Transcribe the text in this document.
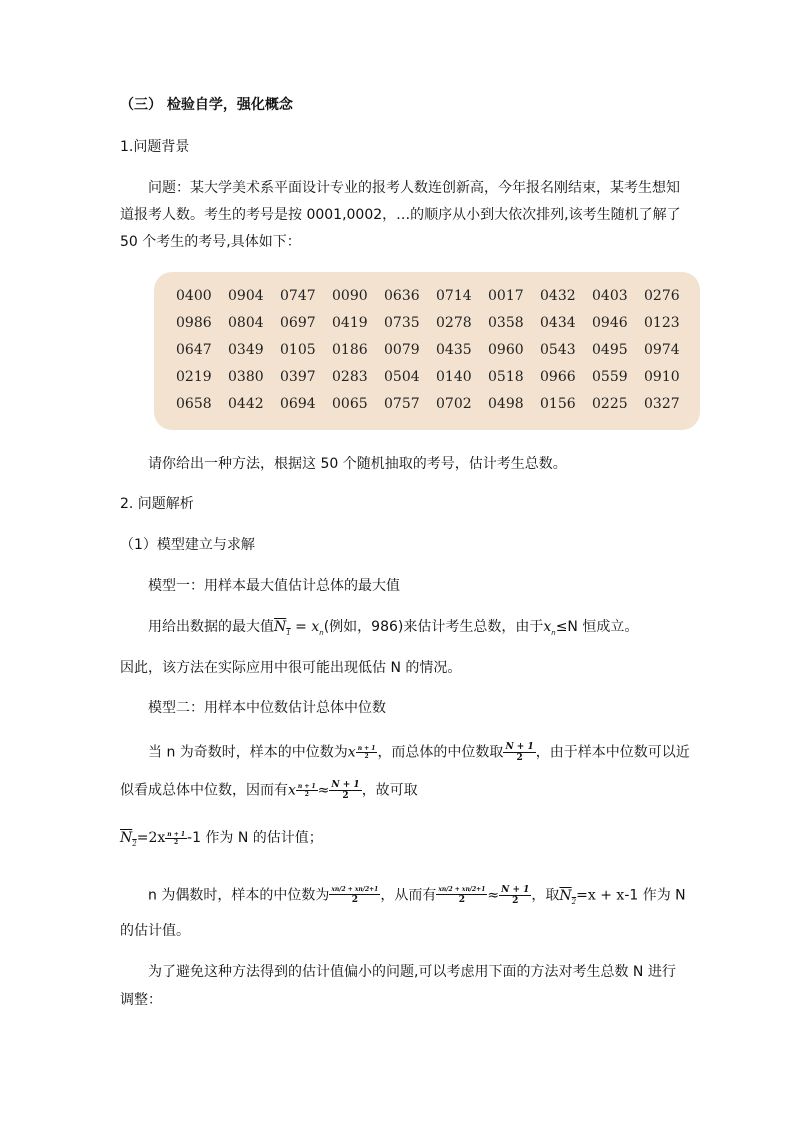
（三） 检验自学，强化概念
1.问题背景
问题：某大学美术系平面设计专业的报考人数连创新高，今年报名刚结束，某考生想知
道报考人数。考生的考号是按 0001,0002，…的顺序从小到大依次排列,该考生随机了解了
50 个考生的考号,具体如下：
0400	0904	0747	0090	0636	0714	0017	0432	0403	0276
0986	0804	0697	0419	0735	0278	0358	0434	0946	0123
0647	0349	0105	0186	0079	0435	0960	0543	0495	0974
0219	0380	0397	0283	0504	0140	0518	0966	0559	0910
0658	0442	0694	0065	0757	0702	0498	0156	0225	0327
请你给出一种方法，根据这 50 个随机抽取的考号，估计考生总数。
2. 问题解析
（1）模型建立与求解
模型一：用样本最大值估计总体的最大值
用给出数据的最大值$N_1 = x_n$(例如，986)来估计考生总数，由于$x_n\le N$ 恒成立。
因此，该方法在实际应用中很可能出现低估 N 的情况。
模型二：用样本中位数估计总体中位数
当 n 为奇数时，样本的中位数为x $\frac{n + 1}{2}$ ，而总体的中位数取 $\frac{N + 1}{2}$ ，由于样本中位数可以近
似看成总体中位数，因而有x $\frac{n + 1}{2} \approx \frac{N + 1}{2}$ ，故可取
$N_2=2x \frac{n + 1}{2} -1$ 作为 N 的估计值；
n 为偶数时，样本的中位数为 $\frac{xn/2 + xn/2+1}{2}$ ，从而有 $\frac{xn/2 + xn/2+1}{2} \approx \frac{N + 1}{2}$ ，取$N_2=x + x-1$ 作为 N
的估计值。
为了避免这种方法得到的估计值偏小的问题,可以考虑用下面的方法对考生总数 N 进行
调整：
